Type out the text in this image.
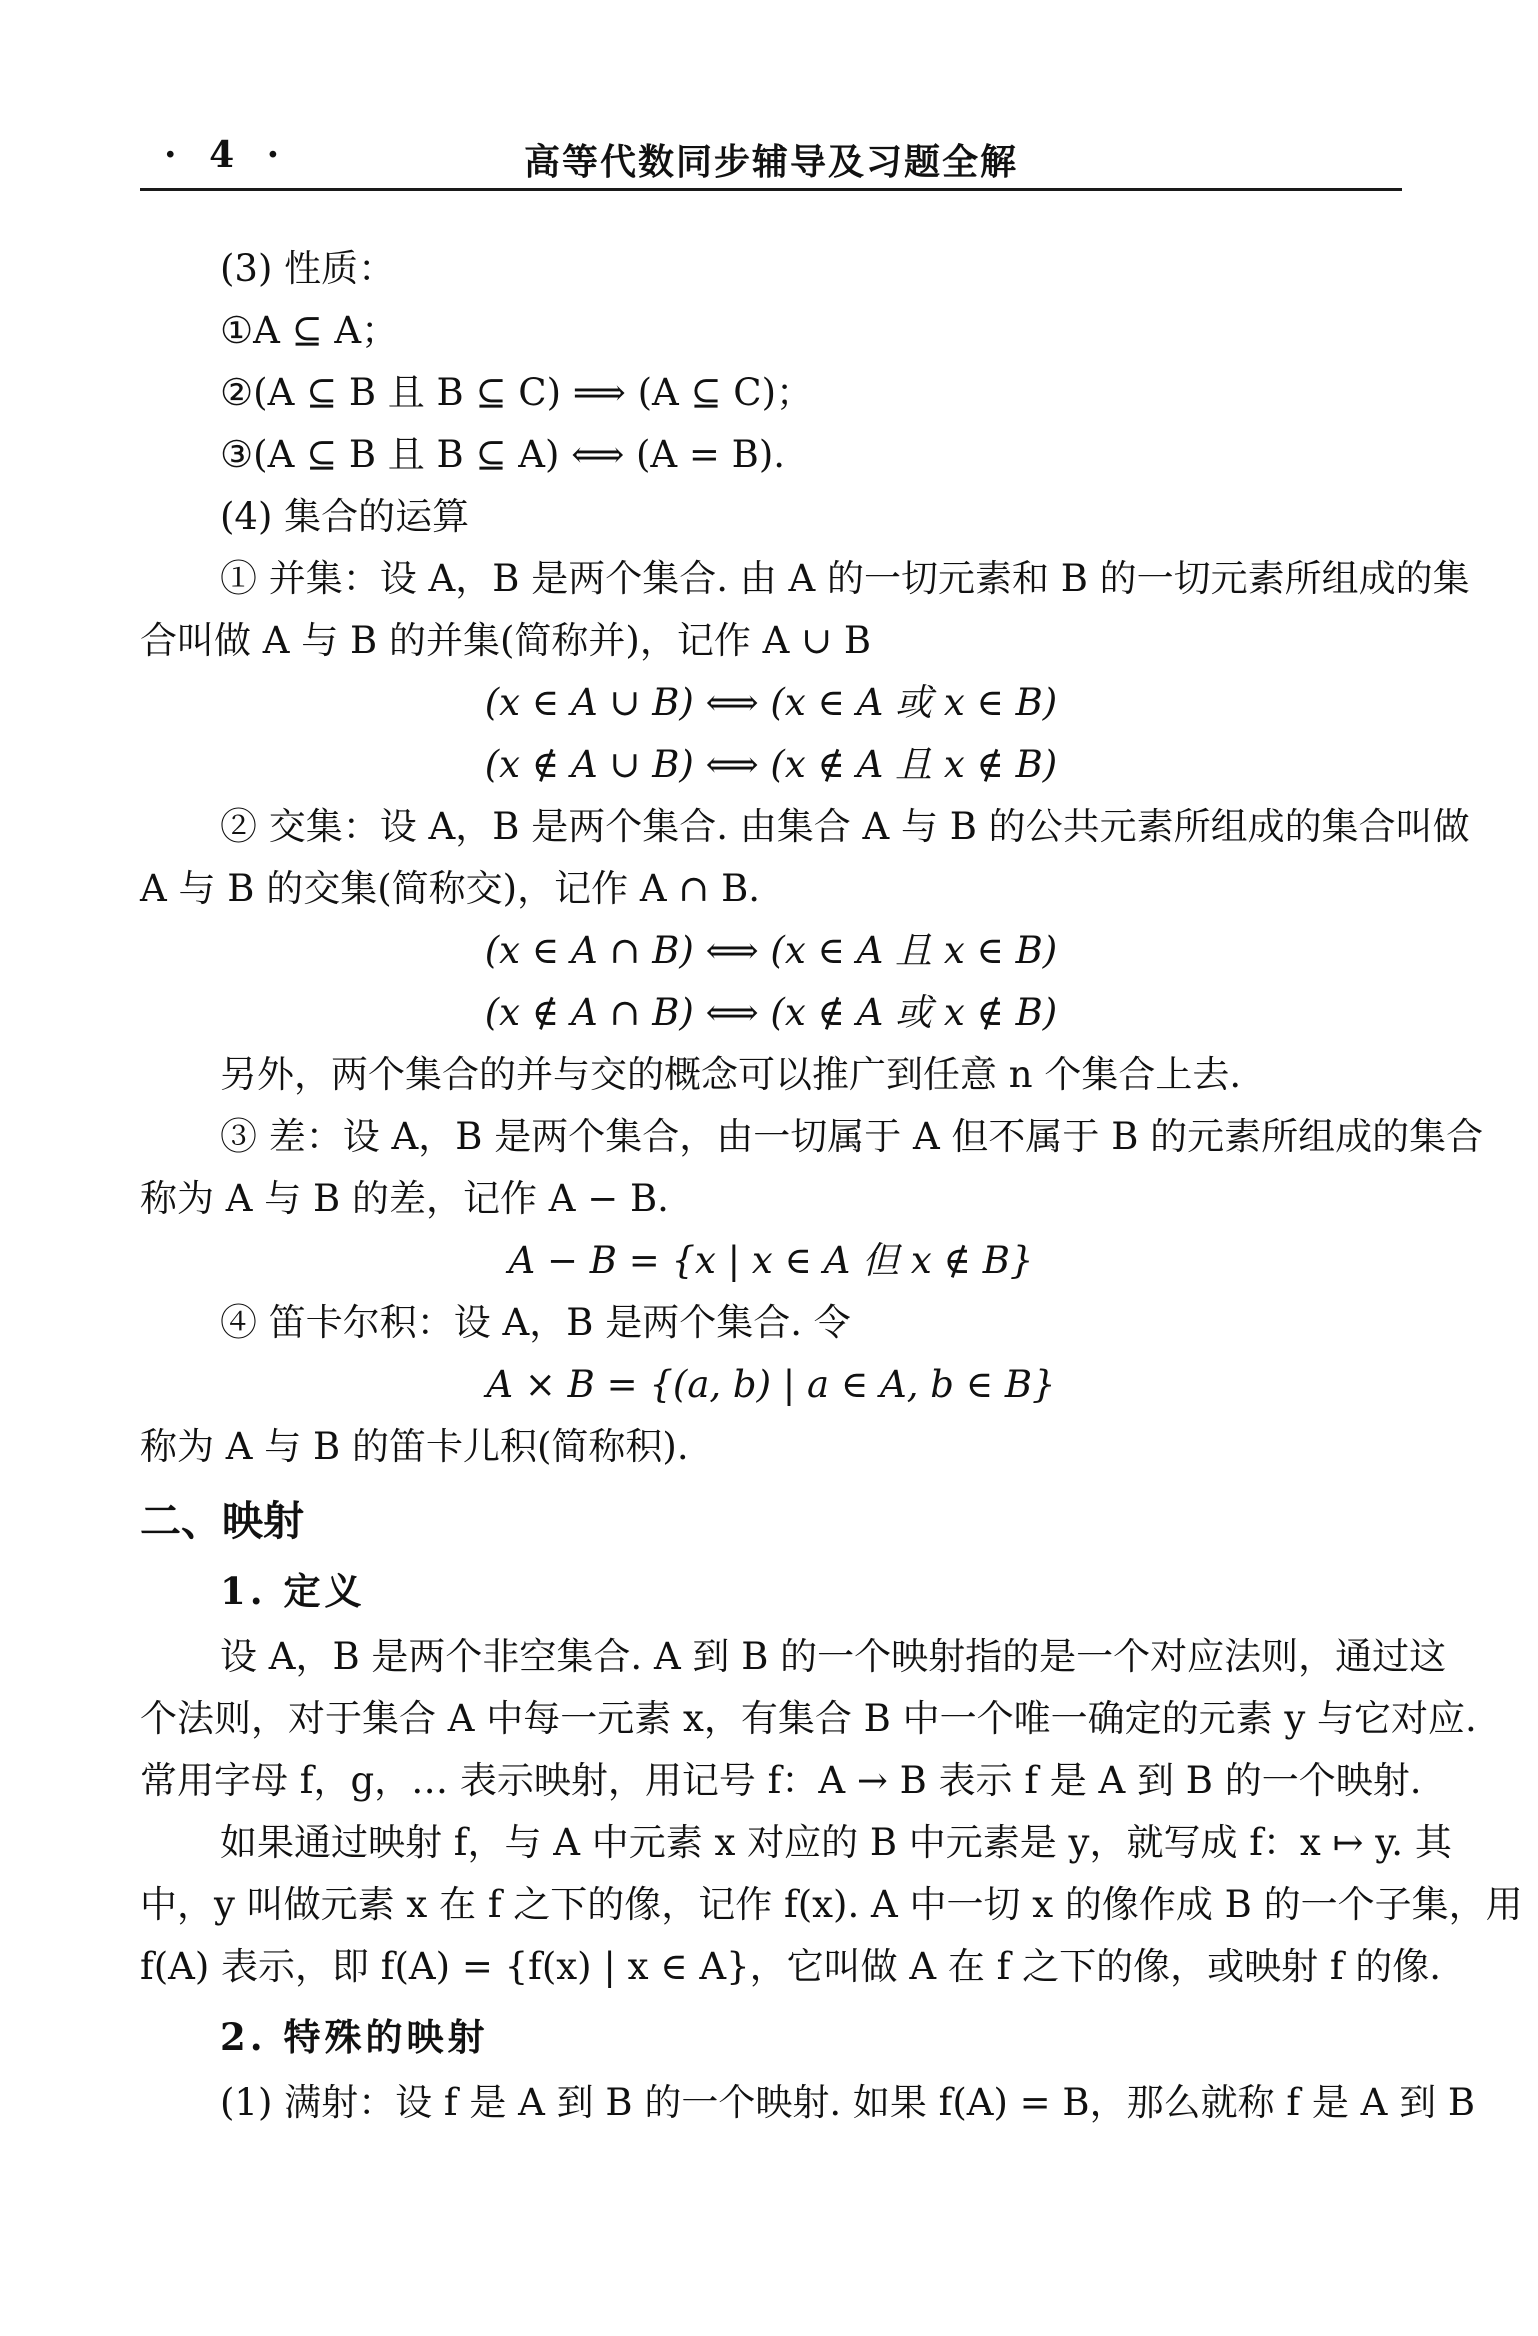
· 4 ·	高等代数同步辅导及习题全解

(3) 性质：

①A ⊆ A；

②(A ⊆ B 且 B ⊆ C) ⟹ (A ⊆ C)；

③(A ⊆ B 且 B ⊆ A) ⟺ (A = B).

(4) 集合的运算

① 并集：设 A，B 是两个集合. 由 A 的一切元素和 B 的一切元素所组成的集

合叫做 A 与 B 的并集(简称并)，记作 A ∪ B

(x ∈ A ∪ B) ⟺ (x ∈ A 或 x ∈ B)

(x ∉ A ∪ B) ⟺ (x ∉ A 且 x ∉ B)

② 交集：设 A，B 是两个集合. 由集合 A 与 B 的公共元素所组成的集合叫做

A 与 B 的交集(简称交)，记作 A ∩ B.

(x ∈ A ∩ B) ⟺ (x ∈ A 且 x ∈ B)

(x ∉ A ∩ B) ⟺ (x ∉ A 或 x ∉ B)

另外，两个集合的并与交的概念可以推广到任意 n 个集合上去.

③ 差：设 A，B 是两个集合，由一切属于 A 但不属于 B 的元素所组成的集合

称为 A 与 B 的差，记作 A − B.

A − B = {x | x ∈ A 但 x ∉ B}

④ 笛卡尔积：设 A，B 是两个集合. 令

A × B = {(a, b) | a ∈ A, b ∈ B}

称为 A 与 B 的笛卡儿积(简称积).

二、映射

1. 定义

设 A，B 是两个非空集合. A 到 B 的一个映射指的是一个对应法则，通过这

个法则，对于集合 A 中每一元素 x，有集合 B 中一个唯一确定的元素 y 与它对应.

常用字母 f，g，… 表示映射，用记号 f：A → B 表示 f 是 A 到 B 的一个映射.

如果通过映射 f，与 A 中元素 x 对应的 B 中元素是 y，就写成 f：x ↦ y. 其

中，y 叫做元素 x 在 f 之下的像，记作 f(x). A 中一切 x 的像作成 B 的一个子集，用

f(A) 表示，即 f(A) = {f(x) | x ∈ A}，它叫做 A 在 f 之下的像，或映射 f 的像.

2. 特殊的映射

(1) 满射：设 f 是 A 到 B 的一个映射. 如果 f(A) = B，那么就称 f 是 A 到 B
